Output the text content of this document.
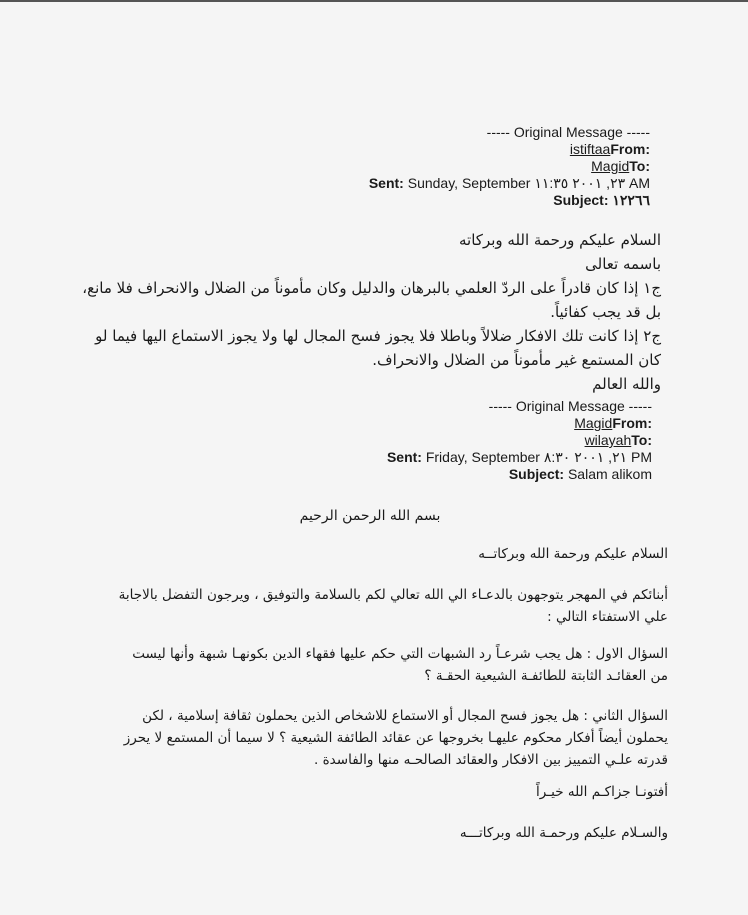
----- Original Message -----
istiftaaFrom:
MagidTo:
Sent: Sunday, September ٢٣, ٢٠٠١ ١١:٣٥ AM
Subject: ١٢٢٦٦
السلام عليكم ورحمة الله وبركاته
باسمه تعالى
ج١ إذا كان قادراً على الردّ العلمي بالبرهان والدليل وكان مأموناً من الضلال والانحراف فلا مانع،
بل قد يجب كفائياً.
ج٢ إذا كانت تلك الافكار ضلالاً وباطلا فلا يجوز فسح المجال لها ولا يجوز الاستماع اليها فيما لو
كان المستمع غير مأموناً من الضلال والانحراف.
والله العالم
----- Original Message -----
MagidFrom:
wilayahTo:
Sent: Friday, September ٢١, ٢٠٠١ ٨:٣٠ PM
Subject: Salam alikom
بسم الله الرحمن الرحيم
السلام عليكم ورحمة الله وبركاتــه
أبنائكم في المهجر يتوجهون بالدعـاء الي الله تعالي لكم بالسلامة والتوفيق ، ويرجون التفضل بالاجابة
علي الاستفتاء التالي :
السؤال الاول : هل يجب شرعـاً رد الشبهات التي حكم عليها فقهاء الدين بكونهـا شبهة وأنها ليست
من العقائـد الثابتة للطائفـة الشيعية الحقـة ؟
السؤال الثاني : هل يجوز فسح المجال أو الاستماع للاشخاص الذين يحملون ثقافة إسلامية ، لكن
يحملون أيضاً أفكار محكوم عليهـا بخروجها عن عقائد الطائفة الشيعية ؟ لا سيما أن المستمع لا يحرز
قدرته علـي التمييز بين الافكار والعقائد الصالحـه منها والفاسدة .
أفتونـا جزاكـم الله خيـراً
والسـلام عليكم ورحمـة الله وبركاتـــه
